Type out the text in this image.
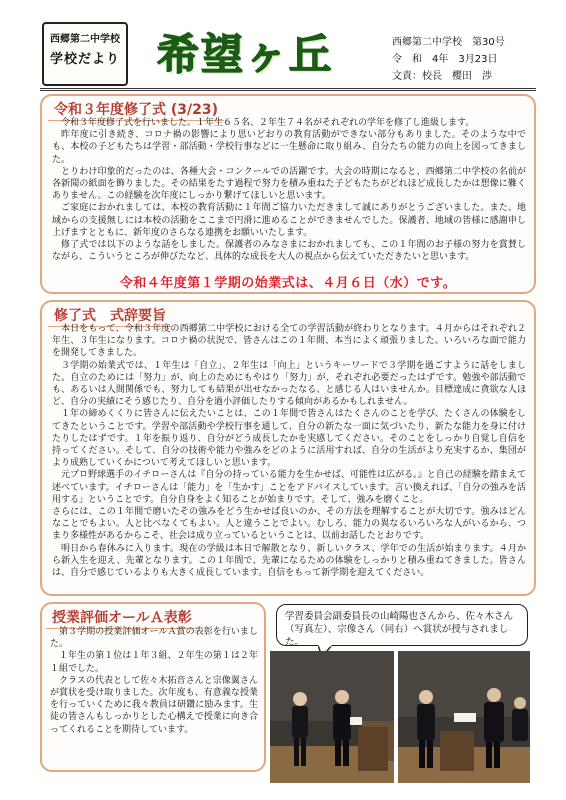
西郷第二中学校
学校だより 希望ヶ丘	西郷第二中学校　第30号
令　和　4年　3月23日
文責：校長　櫻田　渉
令和３年度修了式 (3/23)

令和３年度修了式を行いました。１年生６５名、２年生７４名がそれぞれの学年を修了し進級します。

昨年度に引き続き、コロナ禍の影響により思いどおりの教育活動ができない部分もありました。そのような中でも、本校の子どもたちは学習・部活動・学校行事などに一生懸命に取り組み、自分たちの能力の向上を図ってきました。

とりわけ印象的だったのは、各種大会・コンクールでの活躍です。大会の時期になると、西郷第二中学校の名前が各新聞の紙面を飾りました。その結果をたす過程で努力を積み重ねた子どもたちがどれほど成長したかは想像に難くありません。この経験を次年度にしっかり繋げてほしいと思います。

ご家庭におかれましては、本校の教育活動に１年間ご協力いただきまして誠にありがとうございました。また、地域からの支援無しには本校の活動をここまで円滑に進めることができませんでした。保護者、地域の皆様に感謝申し上げますとともに、新年度のさらなる連携をお願いいたします。

修了式では以下のような話をしました。保護者のみなさまにおかれましても、この１年間のお子様の努力を賞賛しながら、こういうところが伸びたなど、具体的な成長を大人の視点から伝えていただきたいと思います。

令和４年度第１学期の始業式は、４月６日（水）です。
修了式　式辞要旨

本日をもって、令和３年度の西郷第二中学校における全ての学習活動が終わりとなります。４月からはそれぞれ２年生、３年生になります。コロナ禍の状況で、皆さんはこの１年間、本当によく頑張りました。いろいろな面で能力を開発してきました。

３学期の始業式では、１年生は「自立」、２年生は「向上」というキーワードで３学期を過ごすように話をしました。自立のためには「努力」が、向上のためにもやはり「努力」が、それぞれ必要だったはずです。勉強や部活動でも、あるいは人間関係でも、努力しても結果が出せなかったなる、と感じる人はいませんか。目標達成に貪欲な人ほど、自分の実績にそう感じたり、自分を過小評価したりする傾向があるかもしれません。

１年の締めくくりに皆さんに伝えたいことは、この１年間で皆さんはたくさんのことを学び、たくさんの体験をしてきたということです。学習や部活動や学校行事を通して、自分の新たな一面に気づいたり、新たな能力を身に付けたりしたはずです。１年を振り返り、自分がどう成長したかを実感してください。そのことをしっかり自覚し自信を持ってください。そして、自分の技術や能力や強みをどのように活用すれば、自分の生活がより充実するか、集団がより成熟していくかについて考えてほしいと思います。

元プロ野球選手のイチローさんは『自分の持っている能力を生かせば、可能性は広がる。』と自己の経験を踏まえて述べています。イチローさんは「能力」を「生かす」ことをアドバイスしています。言い換えれば、「自分の強みを活用する」ということです。自分自身をよく知ることが始まりです。そして、強みを磨くこと。

さらには、この１年間で磨いたその強みをどう生かせば良いのか、その方法を理解することが大切です。強みはどんなことでもよい。人と比べなくてもよい。人と違うことでよい。むしろ、能力の異なるいろいろな人がいるから、つまり多様性があるからこそ、社会は成り立っているということは、以前お話したとおりです。

明日から春休みに入ります。現在の学級は本日で解散となり、新しいクラス、学年での生活が始まります。４月から新入生を迎え、先輩となります。この１年間で、先輩になるための体験をしっかりと積み重ねてきました。皆さんは、自分で感じているよりも大きく成長しています。自信をもって新学期を迎えてください。

授業評価オールＡ表彰

第３学期の授業評価オールＡ賞の表彰を行いました。

１年生の第１位は１年３組、２年生の第１は２年１組でした。

クラスの代表として佐々木拓音さんと宗像翼さんが賞状を受け取りました。次年度も、有意義な授業を行っていくために我々教員は研鑽に励みます。生徒の皆さんもしっかりとした心構えで授業に向き合ってくれることを期待しています。

学習委員会副委員長の山崎陽也さんから、佐々木さん（写真左）、宗像さん（同右）へ賞状が授与されました。
